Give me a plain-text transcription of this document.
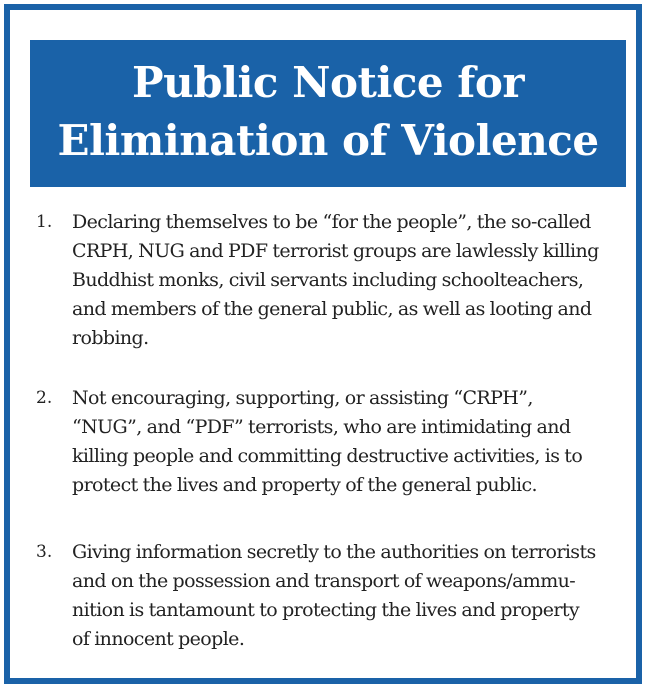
Public Notice for
Elimination of Violence
1. Declaring themselves to be “for the people”, the so-called
CRPH, NUG and PDF terrorist groups are lawlessly killing
Buddhist monks, civil servants including schoolteachers,
and members of the general public, as well as looting and
robbing.
2. Not encouraging, supporting, or assisting “CRPH”,
“NUG”, and “PDF” terrorists, who are intimidating and
killing people and committing destructive activities, is to
protect the lives and property of the general public.
3. Giving information secretly to the authorities on terrorists
and on the possession and transport of weapons/ammu-
nition is tantamount to protecting the lives and property
of innocent people.
